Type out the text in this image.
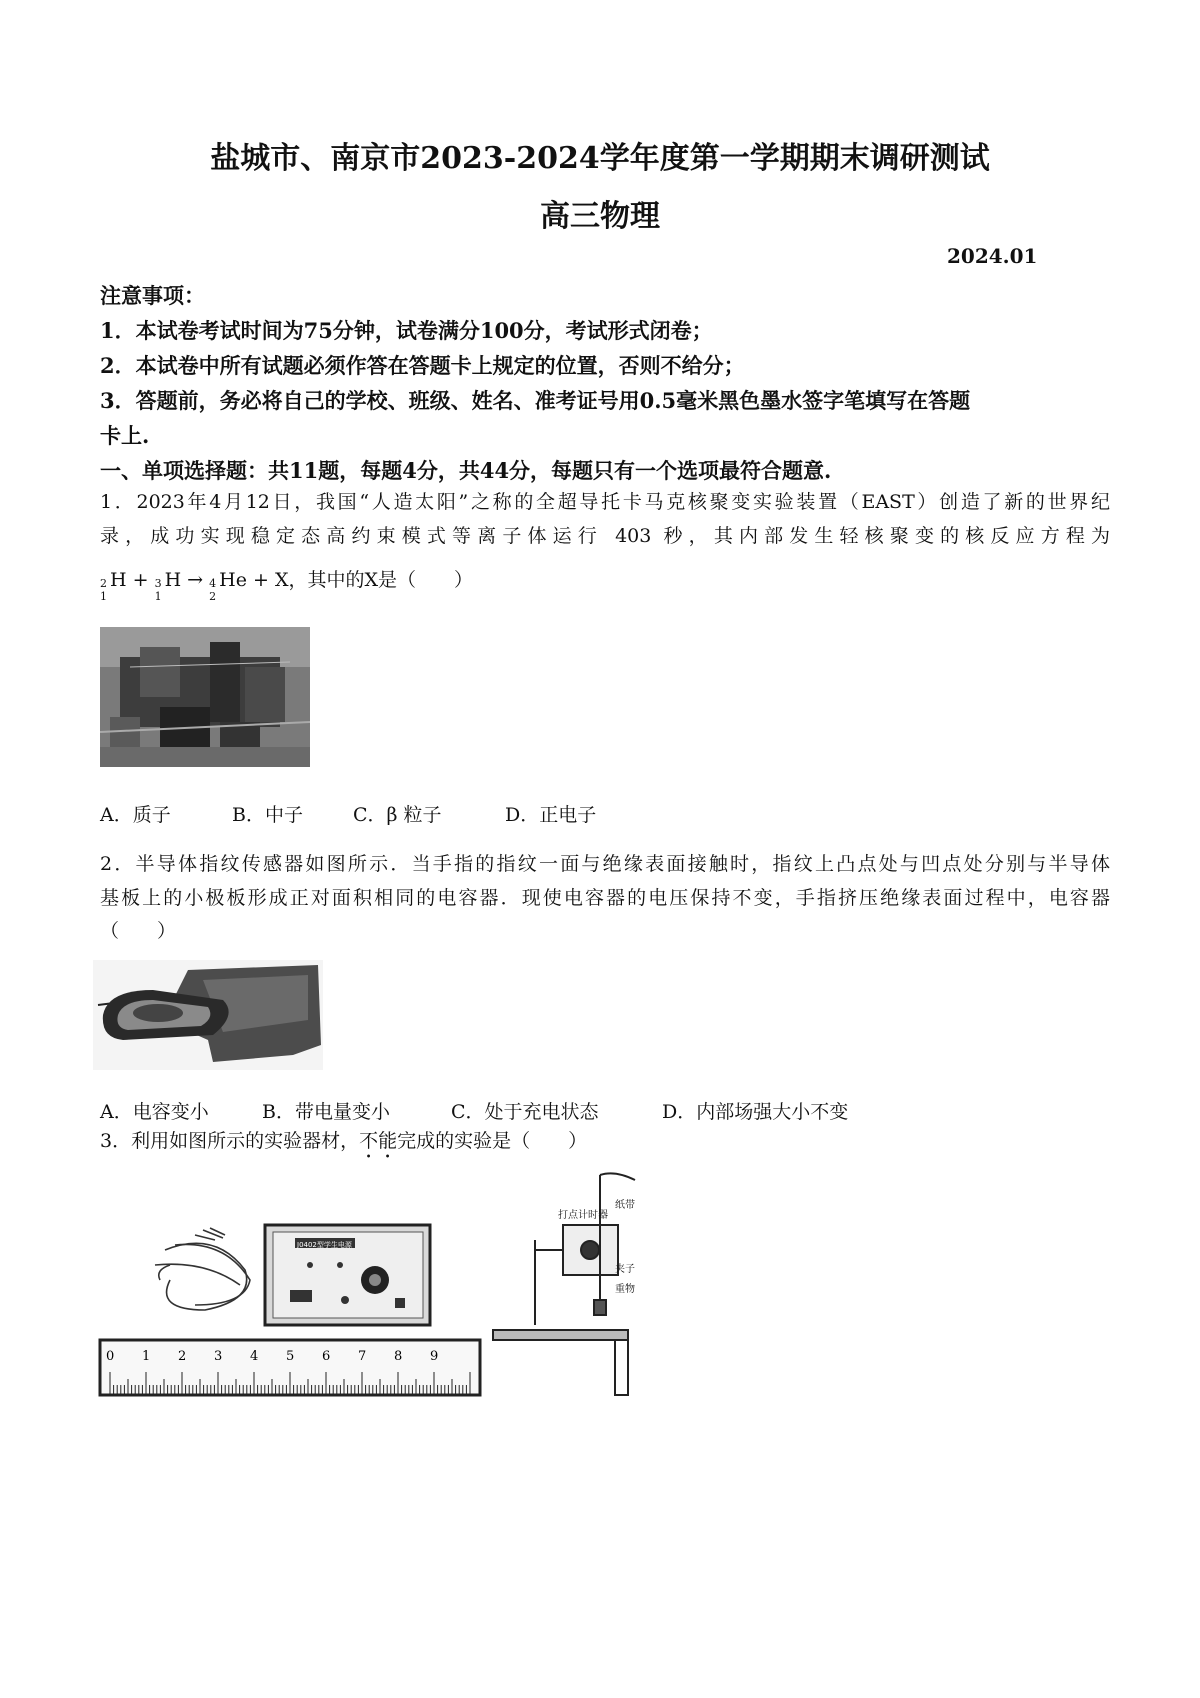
盐城市、南京市2023-2024学年度第一学期期末调研测试
高三物理
2024.01
注意事项：
1．本试卷考试时间为75分钟，试卷满分100分，考试形式闭卷；
2．本试卷中所有试题必须作答在答题卡上规定的位置，否则不给分；
3．答题前，务必将自己的学校、班级、姓名、准考证号用0.5毫米黑色墨水签字笔填写在答题
卡上.
一、单项选择题：共11题，每题4分，共44分，每题只有一个选项最符合题意.
1．2023年4月12日，我国“人造太阳”之称的全超导托卡马克核聚变实验装置（EAST）创造了新的世界纪
录，成功实现稳定态高约束模式等离子体运行 403 秒，其内部发生轻核聚变的核反应方程为
2
1
H + 3
1
H → 4
2
He + X，其中的X是（　　）
A．质子	B．中子	C．β 粒子	D．正电子
2．半导体指纹传感器如图所示．当手指的指纹一面与绝缘表面接触时，指纹上凸点处与凹点处分别与半导体
基板上的小极板形成正对面积相同的电容器．现使电容器的电压保持不变，手指挤压绝缘表面过程中，电容器
（　　）
A．电容变小	B．带电量变小	C．处于充电状态	D．内部场强大小不变
3．利用如图所示的实验器材，不能完成的实验是（　　）
J0402型学生电源
0 1 2 3 4 5 6 7 8 9
打点计时器
纸带
夹子
重物
